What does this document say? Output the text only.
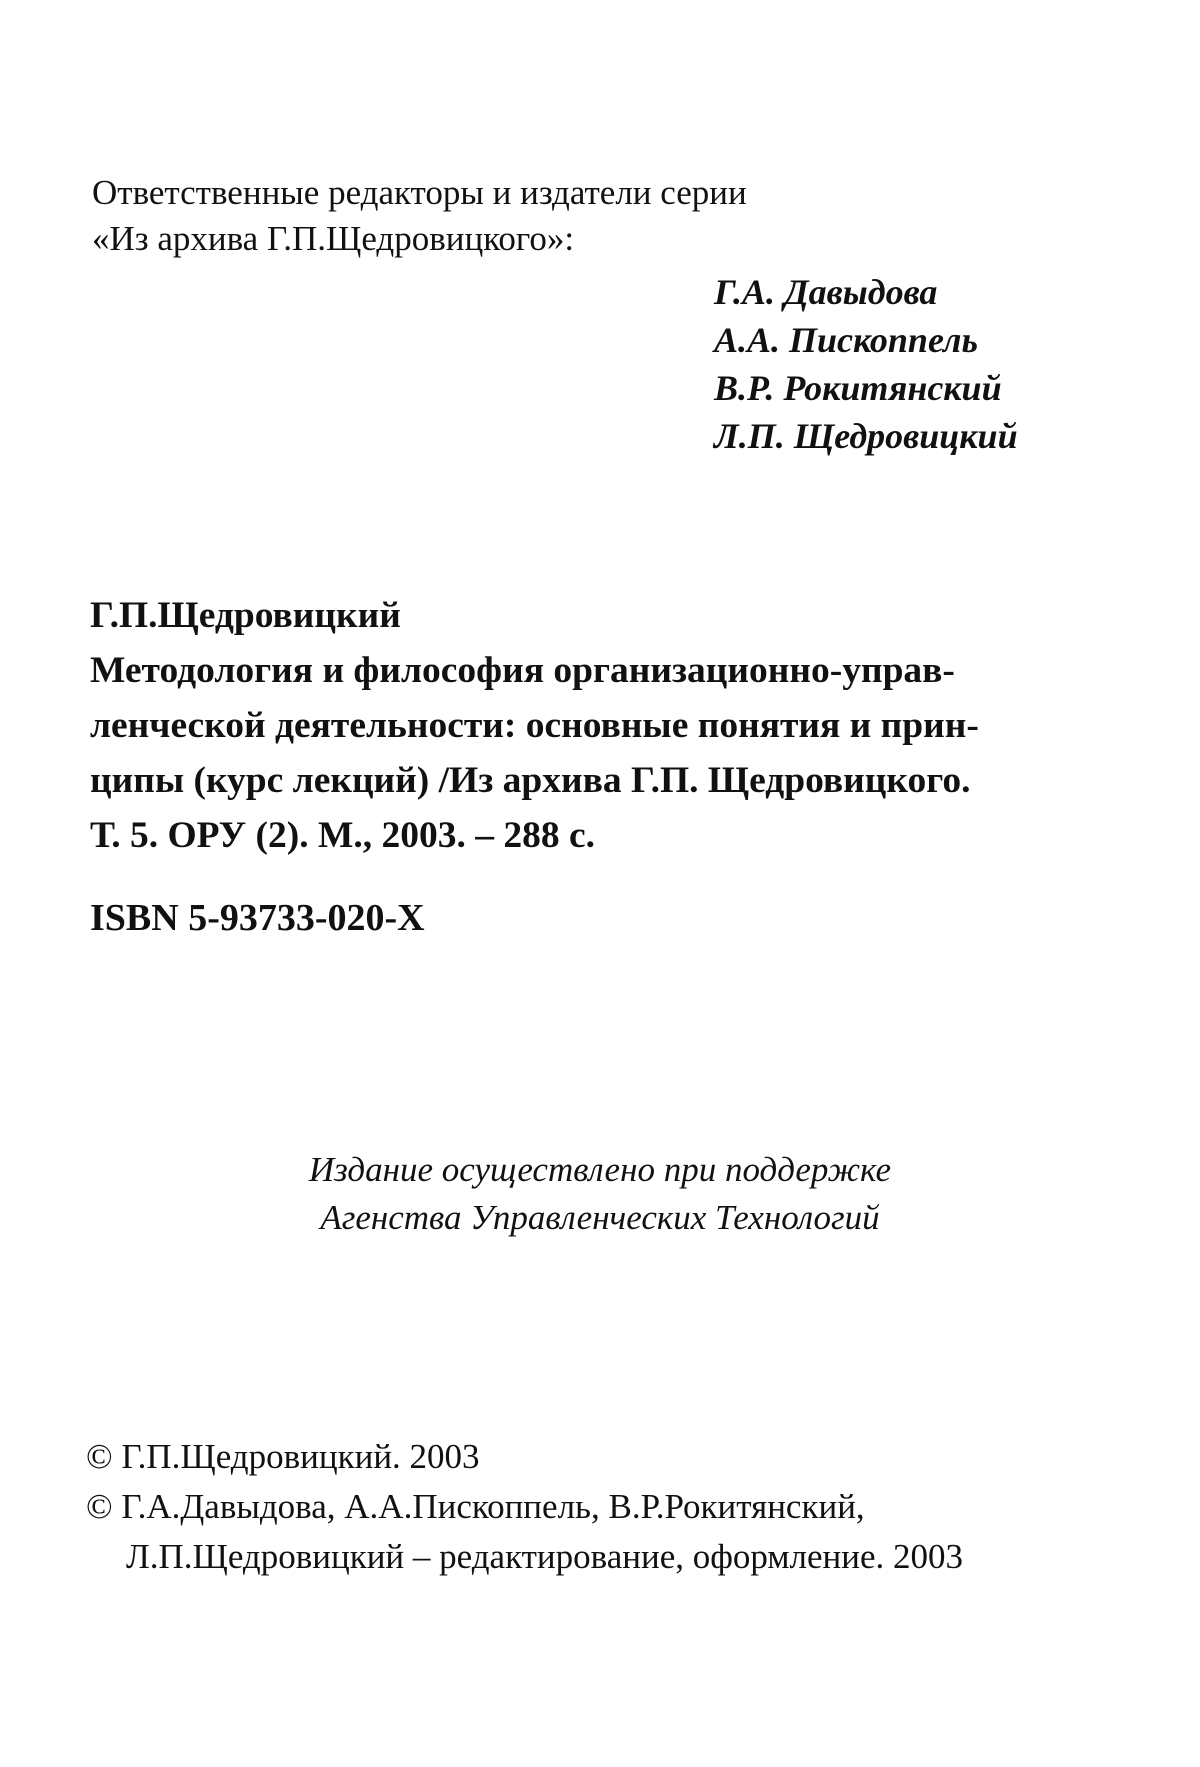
Ответственные редакторы и издатели серии
«Из архива Г.П.Щедровицкого»:
Г.А. Давыдова
А.А. Пископпель
В.Р. Рокитянский
Л.П. Щедровицкий
Г.П.Щедровицкий
Методология и философия организационно-управ-
ленческой деятельности: основные понятия и прин-
ципы (курс лекций) /Из архива Г.П. Щедровицкого.
Т. 5. ОРУ (2). М., 2003. – 288 с.
ISBN 5-93733-020-X
Издание осуществлено при поддержке
Агенства Управленческих Технологий
© Г.П.Щедровицкий. 2003
© Г.А.Давыдова, А.А.Пископпель, В.Р.Рокитянский,
Л.П.Щедровицкий – редактирование, оформление. 2003
